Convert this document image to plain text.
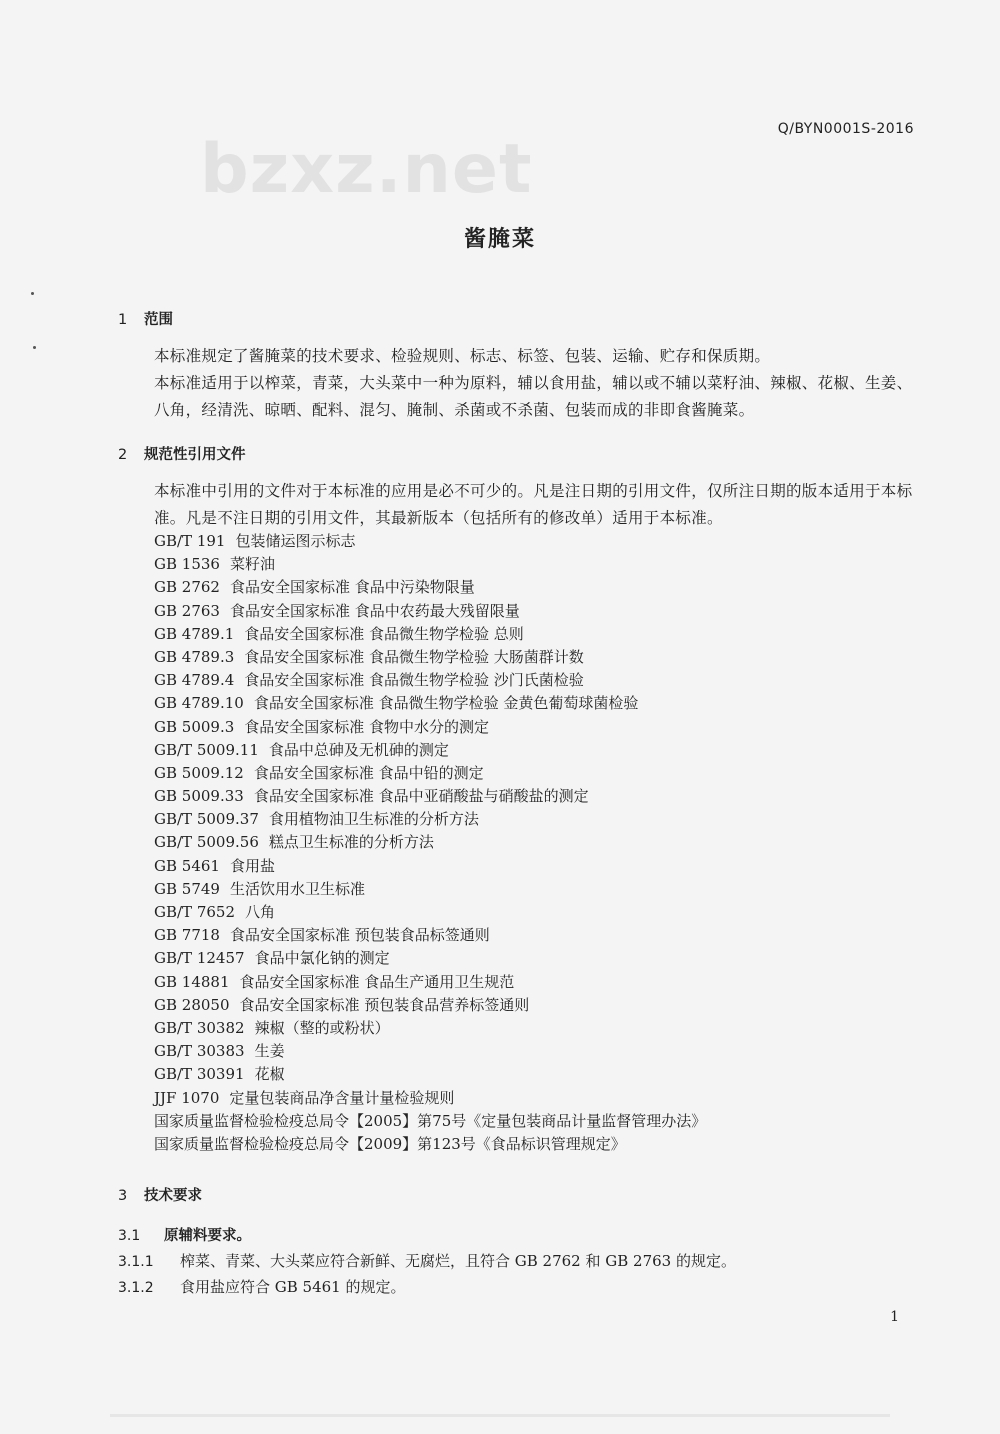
bzxz.net
Q/BYN0001S-2016
酱腌菜
1 范围
本标准规定了酱腌菜的技术要求、检验规则、标志、标签、包装、运输、贮存和保质期。
本标准适用于以榨菜，青菜，大头菜中一种为原料，辅以食用盐，辅以或不辅以菜籽油、辣椒、花椒、生姜、八角，经清洗、晾晒、配料、混匀、腌制、杀菌或不杀菌、包装而成的非即食酱腌菜。
2 规范性引用文件
本标准中引用的文件对于本标准的应用是必不可少的。凡是注日期的引用文件，仅所注日期的版本适用于本标准。凡是不注日期的引用文件，其最新版本（包括所有的修改单）适用于本标准。
GB/T 191 包装储运图示标志
GB 1536 菜籽油
GB 2762 食品安全国家标准 食品中污染物限量
GB 2763 食品安全国家标准 食品中农药最大残留限量
GB 4789.1 食品安全国家标准 食品微生物学检验 总则
GB 4789.3 食品安全国家标准 食品微生物学检验 大肠菌群计数
GB 4789.4 食品安全国家标准 食品微生物学检验 沙门氏菌检验
GB 4789.10 食品安全国家标准 食品微生物学检验 金黄色葡萄球菌检验
GB 5009.3 食品安全国家标准 食物中水分的测定
GB/T 5009.11 食品中总砷及无机砷的测定
GB 5009.12 食品安全国家标准 食品中铅的测定
GB 5009.33 食品安全国家标准 食品中亚硝酸盐与硝酸盐的测定
GB/T 5009.37 食用植物油卫生标准的分析方法
GB/T 5009.56 糕点卫生标准的分析方法
GB 5461 食用盐
GB 5749 生活饮用水卫生标准
GB/T 7652 八角
GB 7718 食品安全国家标准 预包装食品标签通则
GB/T 12457 食品中氯化钠的测定
GB 14881 食品安全国家标准 食品生产通用卫生规范
GB 28050 食品安全国家标准 预包装食品营养标签通则
GB/T 30382 辣椒（整的或粉状）
GB/T 30383 生姜
GB/T 30391 花椒
JJF 1070 定量包装商品净含量计量检验规则
国家质量监督检验检疫总局令【2005】第75号《定量包装商品计量监督管理办法》
国家质量监督检验检疫总局令【2009】第123号《食品标识管理规定》
3 技术要求
3.1 原辅料要求。
3.1.1 榨菜、青菜、大头菜应符合新鲜、无腐烂，且符合 GB 2762 和 GB 2763 的规定。
3.1.2 食用盐应符合 GB 5461 的规定。
1
